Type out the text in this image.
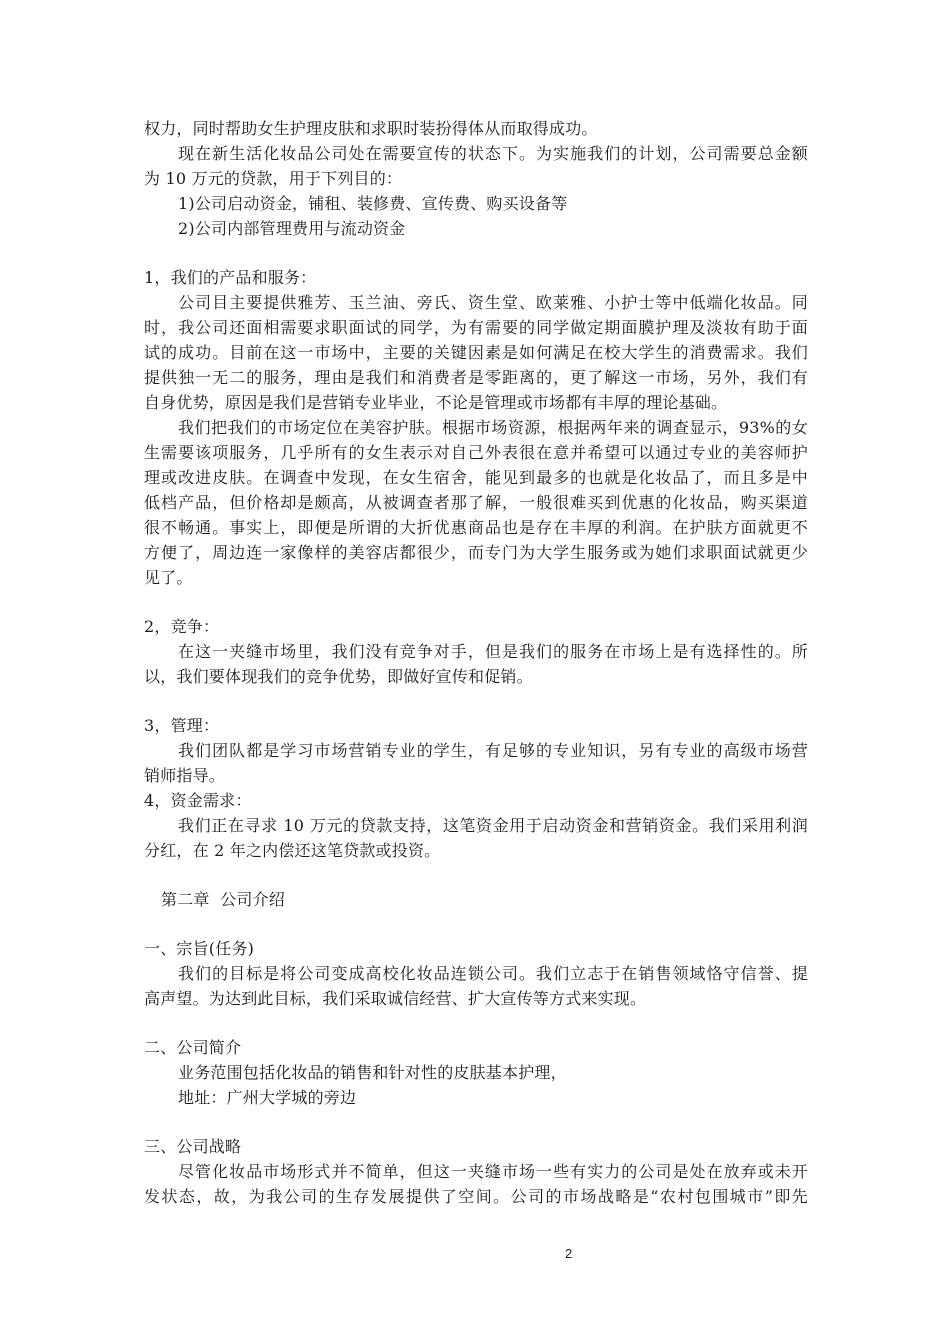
权力，同时帮助女生护理皮肤和求职时装扮得体从而取得成功。
现在新生活化妆品公司处在需要宣传的状态下。为实施我们的计划，公司需要总金额
为 10 万元的贷款，用于下列目的：
1)公司启动资金，铺租、装修费、宣传费、购买设备等
2)公司内部管理费用与流动资金
1，我们的产品和服务：
公司目主要提供雅芳、玉兰油、旁氏、资生堂、欧莱雅、小护士等中低端化妆品。同
时，我公司还面相需要求职面试的同学，为有需要的同学做定期面膜护理及淡妆有助于面
试的成功。目前在这一市场中，主要的关键因素是如何满足在校大学生的消费需求。我们
提供独一无二的服务，理由是我们和消费者是零距离的，更了解这一市场，另外，我们有
自身优势，原因是我们是营销专业毕业，不论是管理或市场都有丰厚的理论基础。
我们把我们的市场定位在美容护肤。根据市场资源，根据两年来的调查显示，93%的女
生需要该项服务，几乎所有的女生表示对自己外表很在意并希望可以通过专业的美容师护
理或改进皮肤。在调查中发现，在女生宿舍，能见到最多的也就是化妆品了，而且多是中
低档产品，但价格却是颇高，从被调查者那了解，一般很难买到优惠的化妆品，购买渠道
很不畅通。事实上，即便是所谓的大折优惠商品也是存在丰厚的利润。在护肤方面就更不
方便了，周边连一家像样的美容店都很少，而专门为大学生服务或为她们求职面试就更少
见了。
2，竞争：
在这一夹缝市场里，我们没有竞争对手，但是我们的服务在市场上是有选择性的。所
以，我们要体现我们的竞争优势，即做好宣传和促销。
3，管理：
我们团队都是学习市场营销专业的学生，有足够的专业知识，另有专业的高级市场营
销师指导。
4，资金需求：
我们正在寻求 10 万元的贷款支持，这笔资金用于启动资金和营销资金。我们采用利润
分红，在 2 年之内偿还这笔贷款或投资。
第二章  公司介绍
一、宗旨(任务)
我们的目标是将公司变成高校化妆品连锁公司。我们立志于在销售领域恪守信誉、提
高声望。为达到此目标，我们采取诚信经营、扩大宣传等方式来实现。
二、公司简介
业务范围包括化妆品的销售和针对性的皮肤基本护理，
地址：广州大学城的旁边
三、公司战略
尽管化妆品市场形式并不简单，但这一夹缝市场一些有实力的公司是处在放弃或未开
发状态，故，为我公司的生存发展提供了空间。公司的市场战略是“农村包围城市”即先
2
